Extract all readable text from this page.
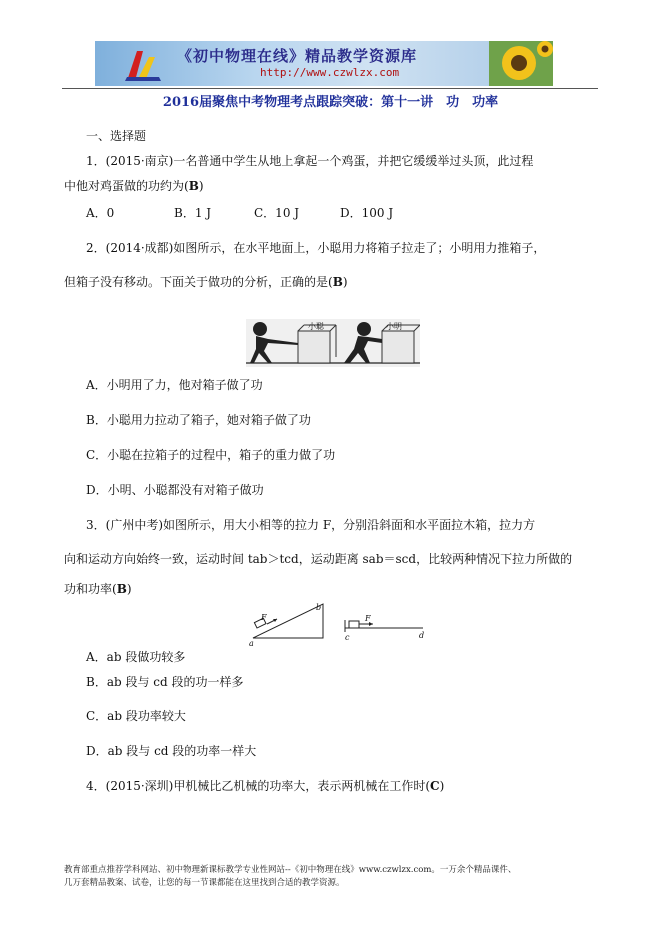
《初中物理在线》精品教学资源库
http://www.czwlzx.com
2016届聚焦中考物理考点跟踪突破：第十一讲　功　功率
一、选择题
1．(2015·南京)一名普通中学生从地上拿起一个鸡蛋，并把它缓缓举过头顶，此过程
中他对鸡蛋做的功约为(B)
A．0	B．1 J	C．10 J	D．100 J
2．(2014·成都)如图所示，在水平地面上，小聪用力将箱子拉走了；小明用力推箱子，
但箱子没有移动。下面关于做功的分析，正确的是(B)
小聪	小明
A．小明用了力，他对箱子做了功
B．小聪用力拉动了箱子，她对箱子做了功
C．小聪在拉箱子的过程中，箱子的重力做了功
D．小明、小聪都没有对箱子做功
3．(广州中考)如图所示，用大小相等的拉力 F，分别沿斜面和水平面拉木箱，拉力方
向和运动方向始终一致，运动时间 tab＞tcd，运动距离 sab＝scd，比较两种情况下拉力所做的
功和功率(B)
F
b
a
F
c	d
A．ab 段做功较多
B．ab 段与 cd 段的功一样多
C．ab 段功率较大
D．ab 段与 cd 段的功率一样大
4．(2015·深圳)甲机械比乙机械的功率大，表示两机械在工作时(C)
教育部重点推荐学科网站、初中物理新课标教学专业性网站--《初中物理在线》www.czwlzx.com。一万余个精品课件、
几万套精品教案、试卷，让您的每一节课都能在这里找到合适的教学资源。
